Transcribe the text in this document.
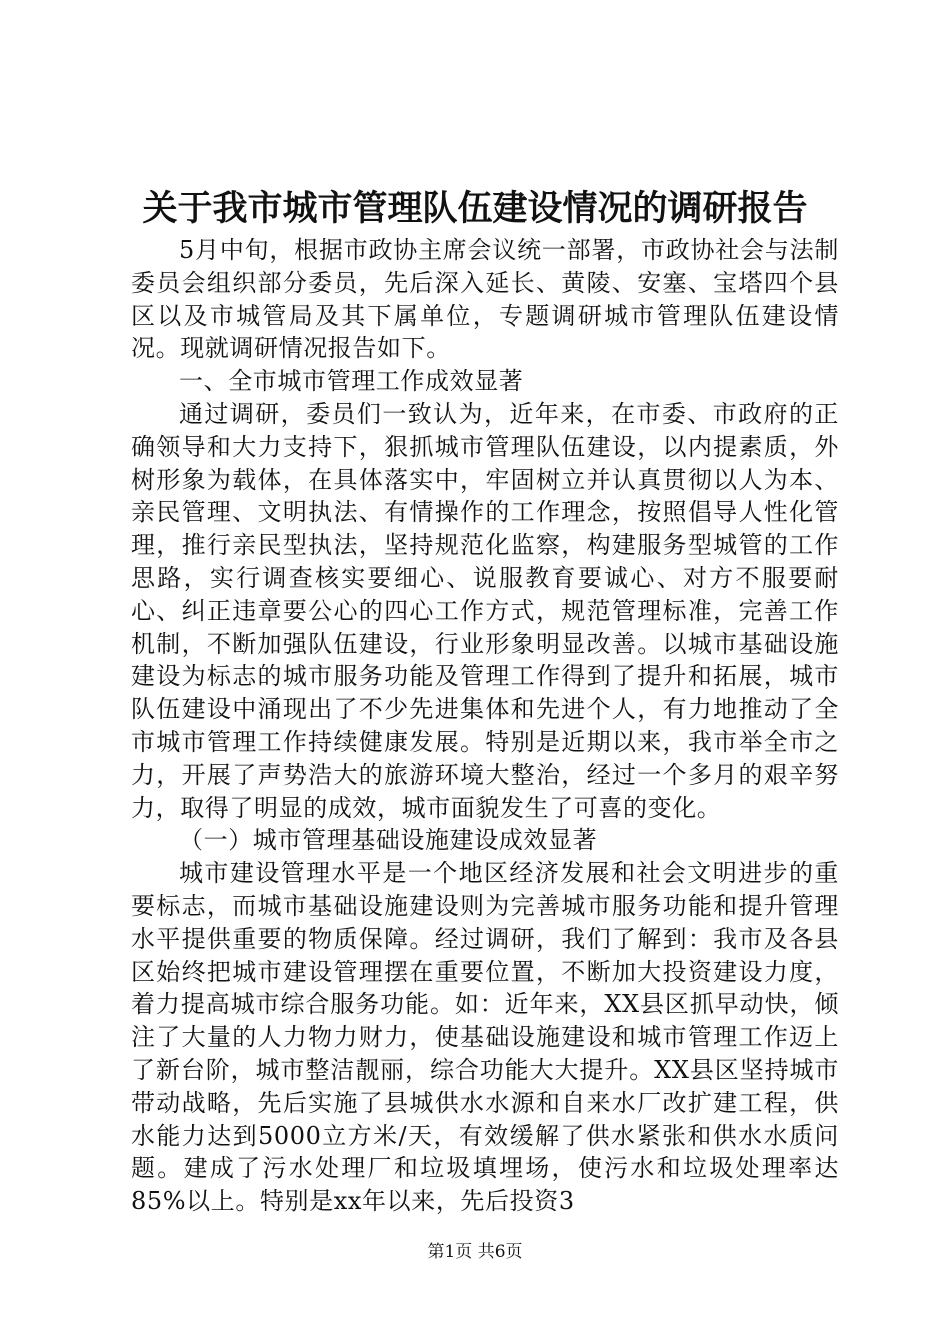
关于我市城市管理队伍建设情况的调研报告

5月中旬，根据市政协主席会议统一部署，市政协社会与法制委员会组织部分委员，先后深入延长、黄陵、安塞、宝塔四个县区以及市城管局及其下属单位，专题调研城市管理队伍建设情况。现就调研情况报告如下。

一、全市城市管理工作成效显著

通过调研，委员们一致认为，近年来，在市委、市政府的正确领导和大力支持下，狠抓城市管理队伍建设，以内提素质，外树形象为载体，在具体落实中，牢固树立并认真贯彻以人为本、亲民管理、文明执法、有情操作的工作理念，按照倡导人性化管理，推行亲民型执法，坚持规范化监察，构建服务型城管的工作思路，实行调查核实要细心、说服教育要诚心、对方不服要耐心、纠正违章要公心的四心工作方式，规范管理标准，完善工作机制，不断加强队伍建设，行业形象明显改善。以城市基础设施建设为标志的城市服务功能及管理工作得到了提升和拓展，城市队伍建设中涌现出了不少先进集体和先进个人，有力地推动了全市城市管理工作持续健康发展。特别是近期以来，我市举全市之力，开展了声势浩大的旅游环境大整治，经过一个多月的艰辛努力，取得了明显的成效，城市面貌发生了可喜的变化。

（一）城市管理基础设施建设成效显著

城市建设管理水平是一个地区经济发展和社会文明进步的重要标志，而城市基础设施建设则为完善城市服务功能和提升管理水平提供重要的物质保障。经过调研，我们了解到：我市及各县区始终把城市建设管理摆在重要位置，不断加大投资建设力度，着力提高城市综合服务功能。如：近年来，XX县区抓早动快，倾注了大量的人力物力财力，使基础设施建设和城市管理工作迈上了新台阶，城市整洁靓丽，综合功能大大提升。XX县区坚持城市带动战略，先后实施了县城供水水源和自来水厂改扩建工程，供水能力达到5000立方米/天，有效缓解了供水紧张和供水水质问题。建成了污水处理厂和垃圾填埋场，使污水和垃圾处理率达85%以上。特别是xx年以来，先后投资3

第1页 共6页
